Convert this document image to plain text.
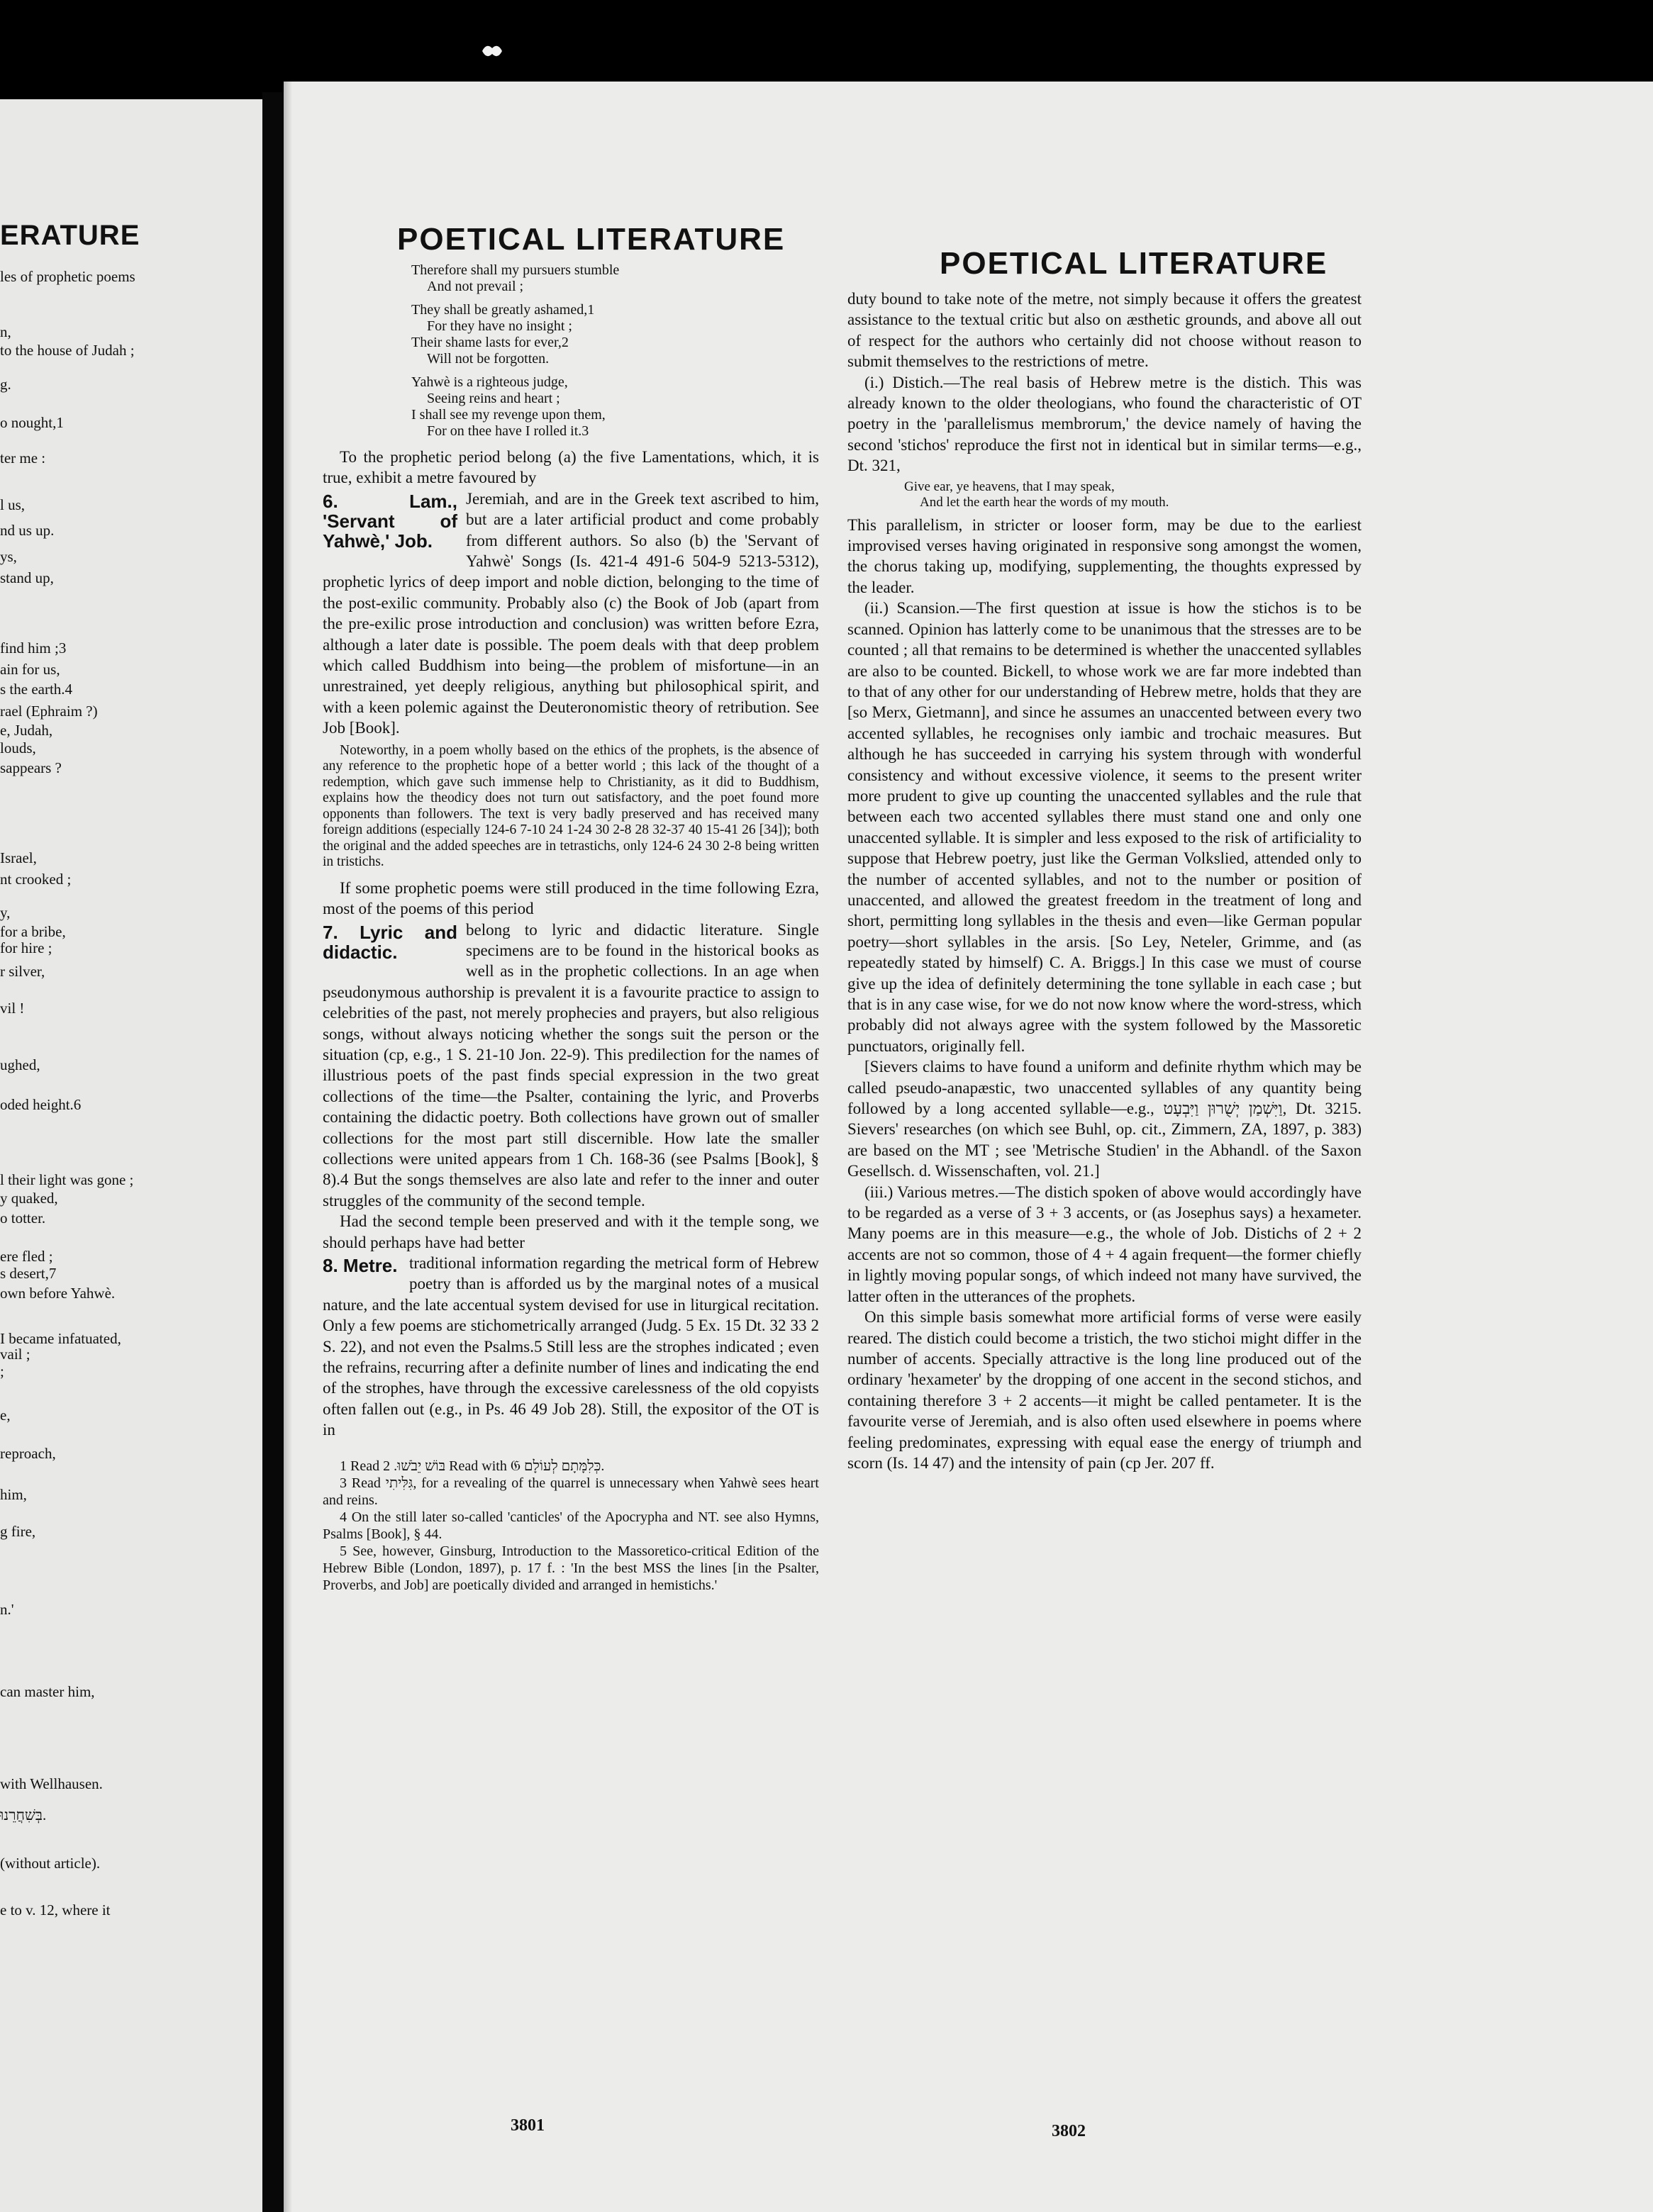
ERATURE
les of prophetic poems
n,
to the house of Judah ;
g.
o nought,1
ter me :
l us,
nd us up.
ys,
stand up,
find him ;3
ain for us,
s the earth.4
rael (Ephraim ?)
e, Judah,
louds,
sappears ?
Israel,
nt crooked ;
y,
for a bribe,
for hire ;
r silver,
vil !
ughed,
oded height.6
l their light was gone ;
y quaked,
o totter.
ere fled ;
s desert,7
own before Yahwè.
I became infatuated,
vail ;
;
e,
reproach,
him,
g fire,
n.'
can master him,
with Wellhausen.
בְּשִׁחֲרֵנוּ.
(without article).
e to v. 12, where it
POETICAL LITERATURE
POETICAL LITERATURE
Therefore shall my pursuers stumble
And not prevail ;
They shall be greatly ashamed,1
For they have no insight ;
Their shame lasts for ever,2
Will not be forgotten.
Yahwè is a righteous judge,
Seeing reins and heart ;
I shall see my revenge upon them,
For on thee have I rolled it.3

To the prophetic period belong (a) the five Lamentations, which, it is true, exhibit a metre favoured by

6. Lam., 'Servant of Yahwè,' Job.
Jeremiah, and are in the Greek text ascribed to him, but are a later artificial product and come probably from different authors. So also (b) the 'Servant of Yahwè' Songs (Is. 421-4 491-6 504-9 5213-5312), prophetic lyrics of deep import and noble diction, belonging to the time of the post-exilic community. Probably also (c) the Book of Job (apart from the pre-exilic prose introduction and conclusion) was written before Ezra, although a later date is possible. The poem deals with that deep problem which called Buddhism into being—the problem of misfortune—in an unrestrained, yet deeply religious, anything but philosophical spirit, and with a keen polemic against the Deuteronomistic theory of retribution. See Job [Book].

Noteworthy, in a poem wholly based on the ethics of the prophets, is the absence of any reference to the prophetic hope of a better world ; this lack of the thought of a redemption, which gave such immense help to Christianity, as it did to Buddhism, explains how the theodicy does not turn out satisfactory, and the poet found more opponents than followers. The text is very badly preserved and has received many foreign additions (especially 124-6 7-10 24 1-24 30 2-8 28 32-37 40 15-41 26 [34]); both the original and the added speeches are in tetrastichs, only 124-6 24 30 2-8 being written in tristichs.

If some prophetic poems were still produced in the time following Ezra, most of the poems of this period

7. Lyric and didactic.
belong to lyric and didactic literature. Single specimens are to be found in the historical books as well as in the prophetic collections. In an age when pseudonymous authorship is prevalent it is a favourite practice to assign to celebrities of the past, not merely prophecies and prayers, but also religious songs, without always noticing whether the songs suit the person or the situation (cp, e.g., 1 S. 21-10 Jon. 22-9). This predilection for the names of illustrious poets of the past finds special expression in the two great collections of the time—the Psalter, containing the lyric, and Proverbs containing the didactic poetry. Both collections have grown out of smaller collections for the most part still discernible. How late the smaller collections were united appears from 1 Ch. 168-36 (see Psalms [Book], § 8).4 But the songs themselves are also late and refer to the inner and outer struggles of the community of the second temple.

Had the second temple been preserved and with it the temple song, we should perhaps have had better

8. Metre. traditional information regarding the metrical form of Hebrew poetry than is afforded us by the marginal notes of a musical nature, and the late accentual system devised for use in liturgical recitation. Only a few poems are stichometrically arranged (Judg. 5 Ex. 15 Dt. 32 33 2 S. 22), and not even the Psalms.5 Still less are the strophes indicated ; even the refrains, recurring after a definite number of lines and indicating the end of the strophes, have through the excessive carelessness of the old copyists often fallen out (e.g., in Ps. 46 49 Job 28). Still, the expositor of the OT is in

1 Read בּוֹשׁ יֵבֹשׁוּ. 2 Read with 𝔊 כְּלִמָּתָם לְעוֹלָם.

3 Read גִּלִּיתִי, for a revealing of the quarrel is unnecessary when Yahwè sees heart and reins.

4 On the still later so-called 'canticles' of the Apocrypha and NT. see also Hymns, Psalms [Book], § 44.

5 See, however, Ginsburg, Introduction to the Massoretico-critical Edition of the Hebrew Bible (London, 1897), p. 17 f. : 'In the best MSS the lines [in the Psalter, Proverbs, and Job] are poetically divided and arranged in hemistichs.'

3801

duty bound to take note of the metre, not simply because it offers the greatest assistance to the textual critic but also on æsthetic grounds, and above all out of respect for the authors who certainly did not choose without reason to submit themselves to the restrictions of metre.

(i.) Distich.—The real basis of Hebrew metre is the distich. This was already known to the older theologians, who found the characteristic of OT poetry in the 'parallelismus membrorum,' the device namely of having the second 'stichos' reproduce the first not in identical but in similar terms—e.g., Dt. 321,

Give ear, ye heavens, that I may speak,
And let the earth hear the words of my mouth.

This parallelism, in stricter or looser form, may be due to the earliest improvised verses having originated in responsive song amongst the women, the chorus taking up, modifying, supplementing, the thoughts expressed by the leader.

(ii.) Scansion.—The first question at issue is how the stichos is to be scanned. Opinion has latterly come to be unanimous that the stresses are to be counted ; all that remains to be determined is whether the unaccented syllables are also to be counted. Bickell, to whose work we are far more indebted than to that of any other for our understanding of Hebrew metre, holds that they are [so Merx, Gietmann], and since he assumes an unaccented between every two accented syllables, he recognises only iambic and trochaic measures. But although he has succeeded in carrying his system through with wonderful consistency and without excessive violence, it seems to the present writer more prudent to give up counting the unaccented syllables and the rule that between each two accented syllables there must stand one and only one unaccented syllable. It is simpler and less exposed to the risk of artificiality to suppose that Hebrew poetry, just like the German Volkslied, attended only to the number of accented syllables, and not to the number or position of unaccented, and allowed the greatest freedom in the treatment of long and short, permitting long syllables in the thesis and even—like German popular poetry—short syllables in the arsis. [So Ley, Neteler, Grimme, and (as repeatedly stated by himself) C. A. Briggs.] In this case we must of course give up the idea of definitely determining the tone syllable in each case ; but that is in any case wise, for we do not now know where the word-stress, which probably did not always agree with the system followed by the Massoretic punctuators, originally fell.

[Sievers claims to have found a uniform and definite rhythm which may be called pseudo-anapæstic, two unaccented syllables of any quantity being followed by a long accented syllable—e.g., וַיִּשְׁמַן יְשֻׁרוּן וַיִּבְעָט, Dt. 3215. Sievers' researches (on which see Buhl, op. cit., Zimmern, ZA, 1897, p. 383) are based on the MT ; see 'Metrische Studien' in the Abhandl. of the Saxon Gesellsch. d. Wissenschaften, vol. 21.]

(iii.) Various metres.—The distich spoken of above would accordingly have to be regarded as a verse of 3 + 3 accents, or (as Josephus says) a hexameter. Many poems are in this measure—e.g., the whole of Job. Distichs of 2 + 2 accents are not so common, those of 4 + 4 again frequent—the former chiefly in lightly moving popular songs, of which indeed not many have survived, the latter often in the utterances of the prophets.

On this simple basis somewhat more artificial forms of verse were easily reared. The distich could become a tristich, the two stichoi might differ in the number of accents. Specially attractive is the long line produced out of the ordinary 'hexameter' by the dropping of one accent in the second stichos, and containing therefore 3 + 2 accents—it might be called pentameter. It is the favourite verse of Jeremiah, and is also often used elsewhere in poems where feeling predominates, expressing with equal ease the energy of triumph and scorn (Is. 14 47) and the intensity of pain (cp Jer. 207 ff.

3802
